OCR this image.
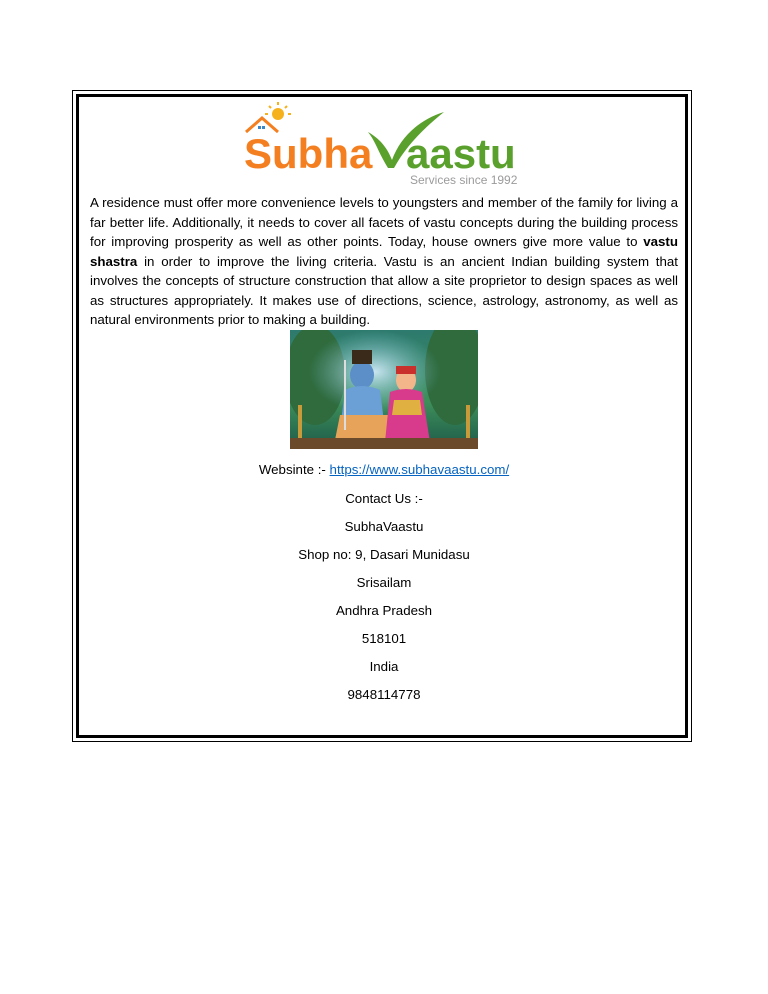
Subha aastu
Services since 1992

A residence must offer more convenience levels to youngsters and member of the family for living a far better life. Additionally, it needs to cover all facets of vastu concepts during the building process for improving prosperity as well as other points. Today, house owners give more value to vastu shastra in order to improve the living criteria. Vastu is an ancient Indian building system that involves the concepts of structure construction that allow a site proprietor to design spaces as well as structures appropriately. It makes use of directions, science, astrology, astronomy, as well as natural environments prior to making a building.

Websinte :- https://www.subhavaastu.com/

Contact Us :-

SubhaVaastu

Shop no: 9, Dasari Munidasu

Srisailam

Andhra Pradesh

518101

India

9848114778
